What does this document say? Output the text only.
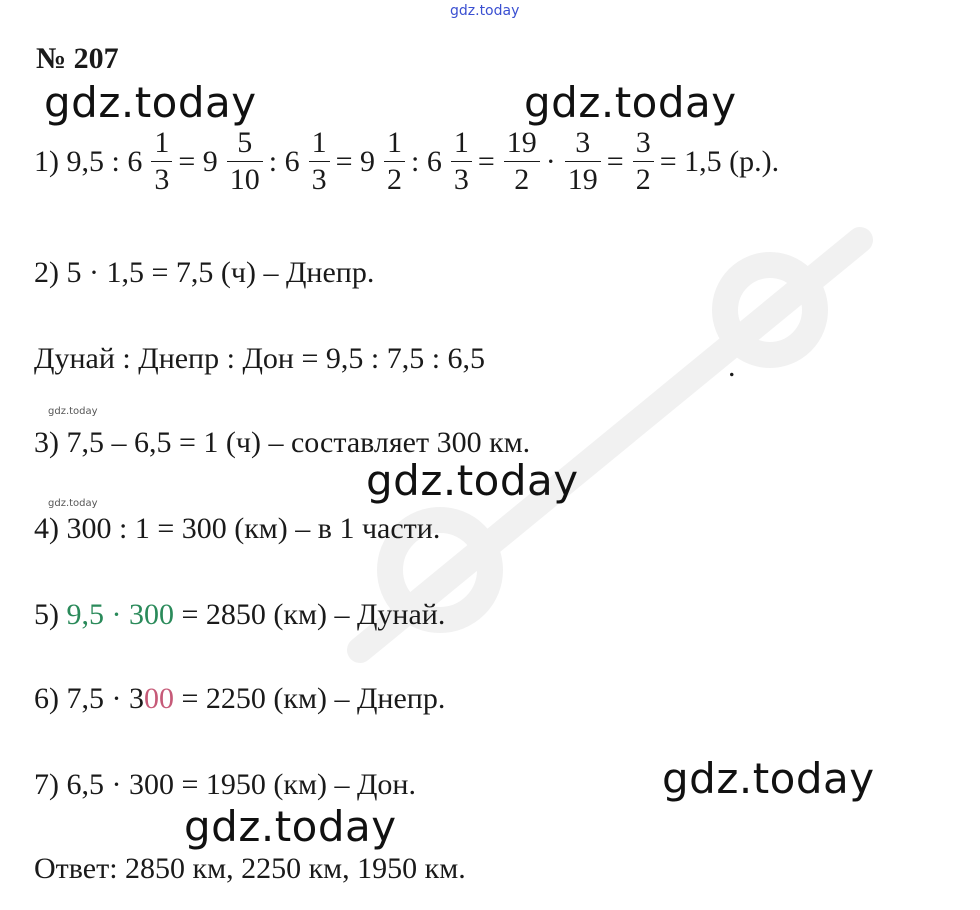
gdz.today
№ 207
gdz.today	gdz.today
1) 9,5 : $6 \frac{1}{3} = 9 \frac{5}{10}$ : $6 \frac{1}{3} = 9 \frac{1}{2}$ : $6 \frac{1}{3} = \frac{19}{2} \cdot \frac{3}{19} = \frac{3}{2} = 1,5$ (р.).
2) 5 · 1,5 = 7,5 (ч) – Днепр.
Дунай : Днепр : Дон = 9,5 : 7,5 : 6,5	.
gdz.today
3) 7,5 – 6,5 = 1 (ч) – составляет 300 км.
gdz.today
gdz.today
4) 300 : 1 = 300 (км) – в 1 части.
5) 9,5 · 300 = 2850 (км) – Дунай.
6) 7,5 · 300 = 2250 (км) – Днепр.
7) 6,5 · 300 = 1950 (км) – Дон.	gdz.today
gdz.today
Ответ: 2850 км, 2250 км, 1950 км.
